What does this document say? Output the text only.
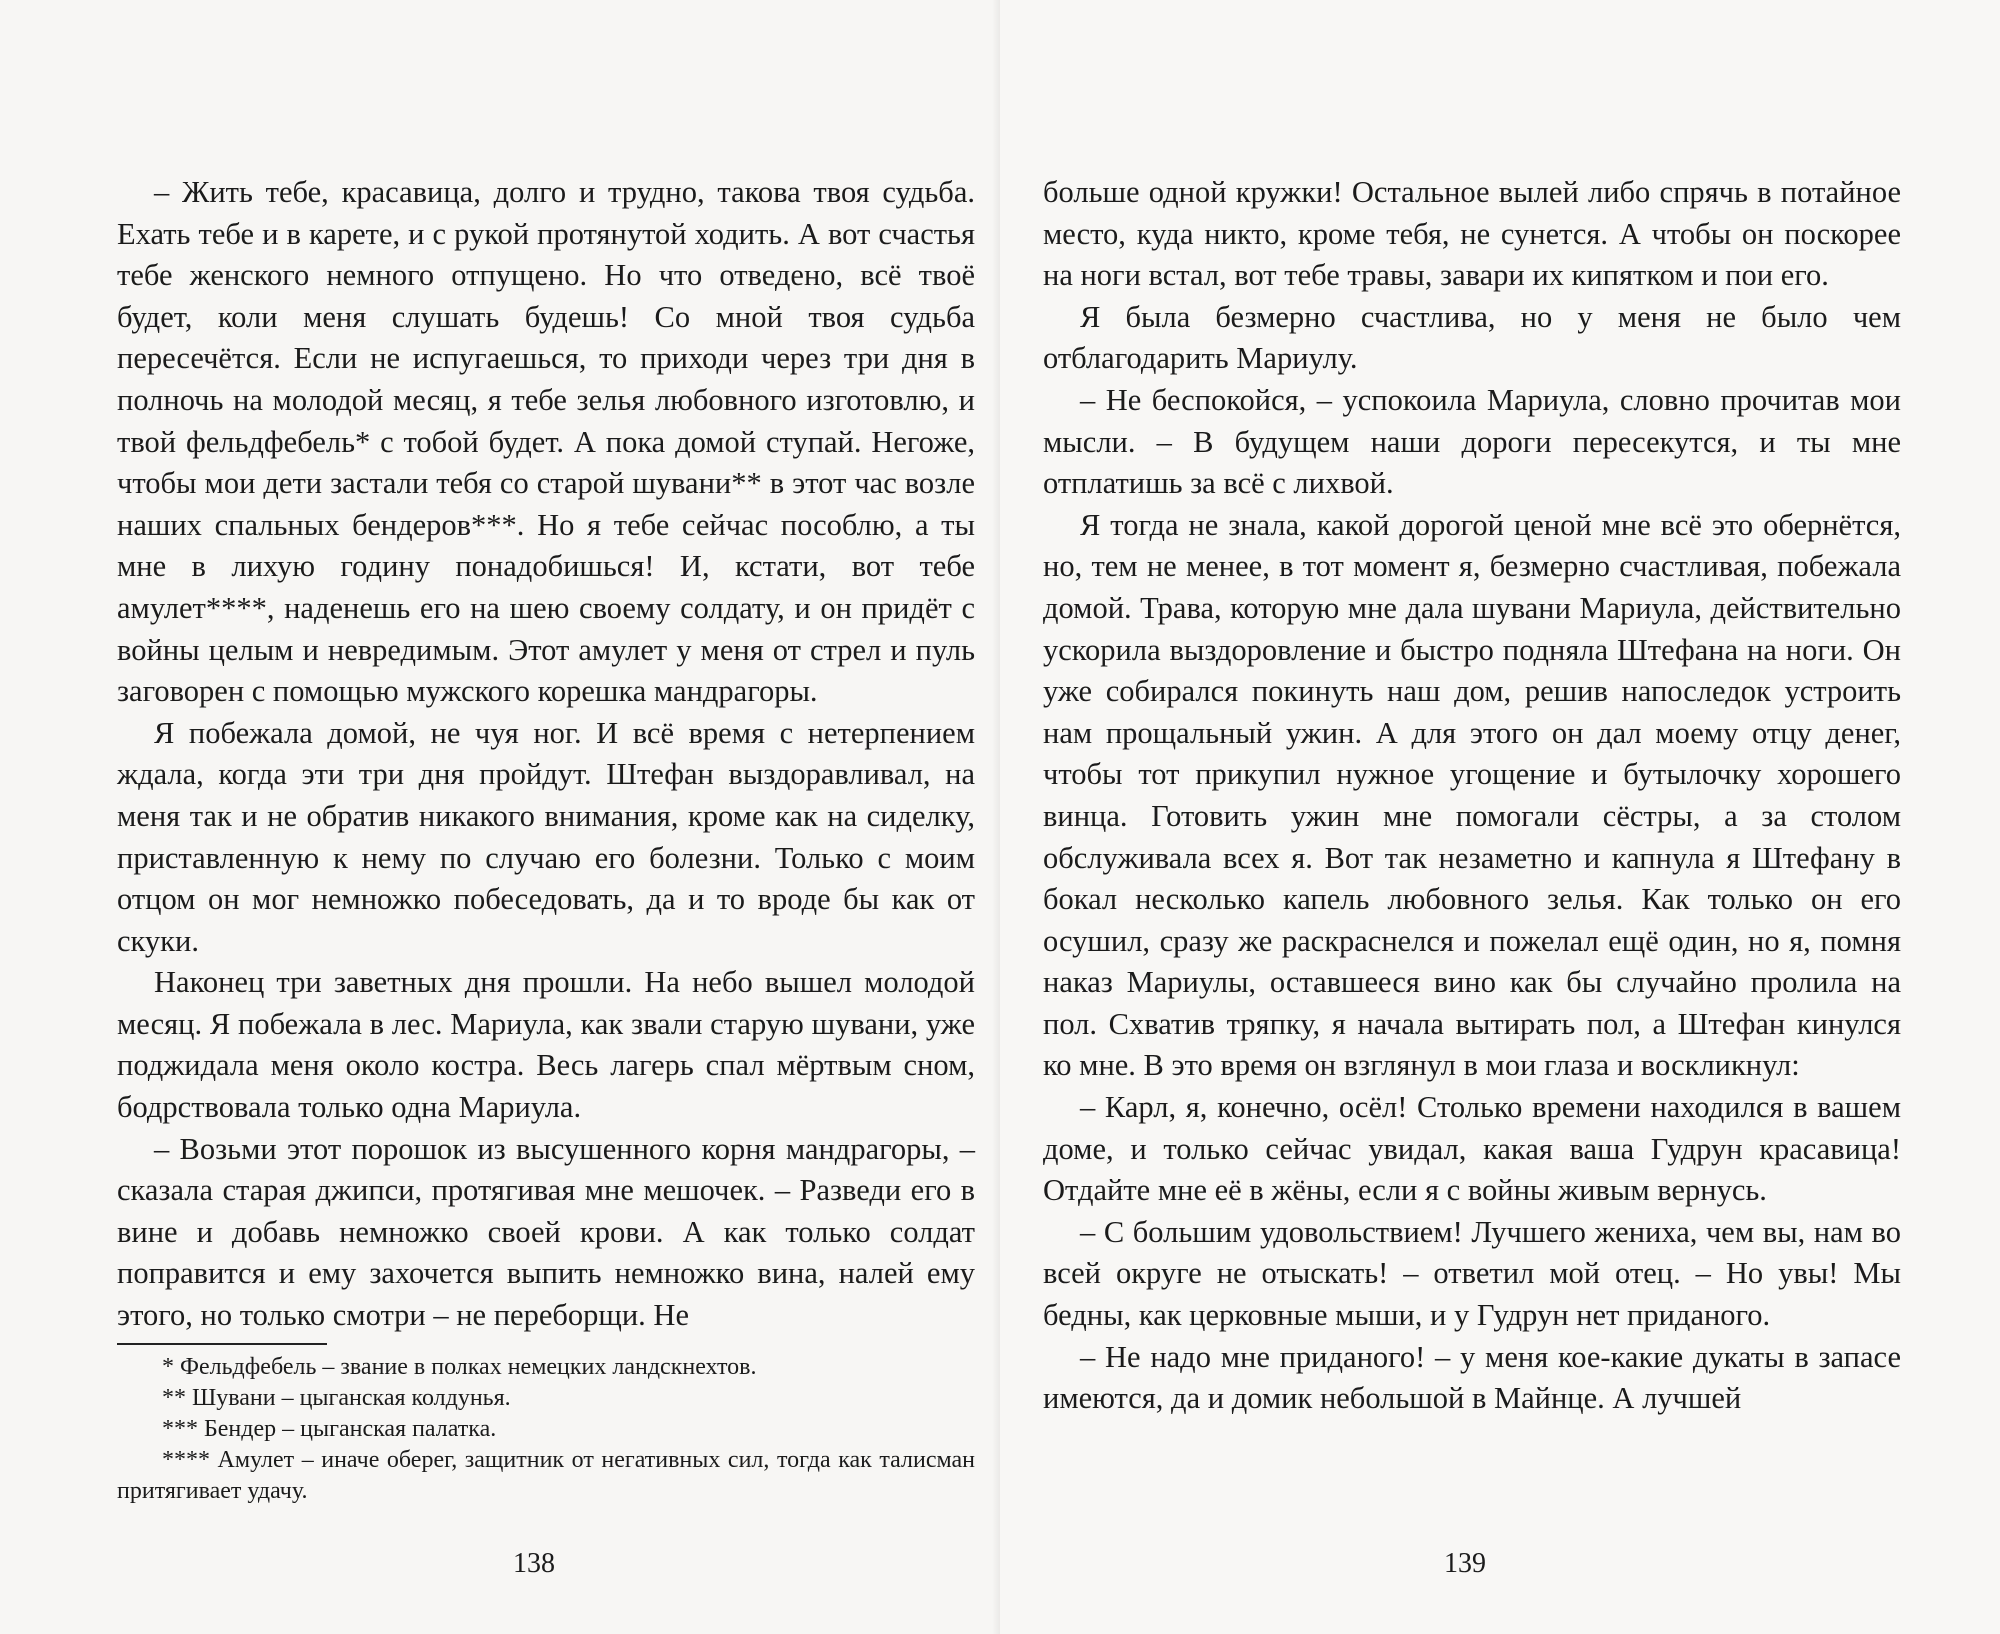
– Жить тебе, красавица, долго и трудно, такова твоя судьба. Ехать тебе и в карете, и с рукой протянутой ходить. А вот счастья тебе женского немного отпущено. Но что отведено, всё твоё будет, коли меня слушать будешь! Со мной твоя судьба пересечётся. Если не испугаешься, то приходи через три дня в полночь на молодой месяц, я тебе зелья любовного изготовлю, и твой фельдфебель* с тобой будет. А пока домой ступай. Негоже, чтобы мои дети застали тебя со старой шувани** в этот час возле наших спальных бендеров***. Но я тебе сейчас пособлю, а ты мне в лихую годину понадобишься! И, кстати, вот тебе амулет****, наденешь его на шею своему солдату, и он придёт с войны целым и невредимым. Этот амулет у меня от стрел и пуль заговорен с помощью мужского корешка мандрагоры.

Я побежала домой, не чуя ног. И всё время с нетерпением ждала, когда эти три дня пройдут. Штефан выздоравливал, на меня так и не обратив никакого внимания, кроме как на сиделку, приставленную к нему по случаю его болезни. Только с моим отцом он мог немножко побеседовать, да и то вроде бы как от скуки.

Наконец три заветных дня прошли. На небо вышел молодой месяц. Я побежала в лес. Мариула, как звали старую шувани, уже поджидала меня около костра. Весь лагерь спал мёртвым сном, бодрствовала только одна Мариула.

– Возьми этот порошок из высушенного корня мандрагоры, – сказала старая джипси, протягивая мне мешочек. – Разведи его в вине и добавь немножко своей крови. А как только солдат поправится и ему захочется выпить немножко вина, налей ему этого, но только смотри – не переборщи. Не

* Фельдфебель – звание в полках немецких ландскнехтов.

** Шувани – цыганская колдунья.

*** Бендер – цыганская палатка.

**** Амулет – иначе оберег, защитник от негативных сил, тогда как талисман притягивает удачу.

138

больше одной кружки! Остальное вылей либо спрячь в потайное место, куда никто, кроме тебя, не сунется. А чтобы он поскорее на ноги встал, вот тебе травы, завари их кипятком и пои его.

Я была безмерно счастлива, но у меня не было чем отблагодарить Мариулу.

– Не беспокойся, – успокоила Мариула, словно прочитав мои мысли. – В будущем наши дороги пересекутся, и ты мне отплатишь за всё с лихвой.

Я тогда не знала, какой дорогой ценой мне всё это обернётся, но, тем не менее, в тот момент я, безмерно счастливая, побежала домой. Трава, которую мне дала шувани Мариула, действительно ускорила выздоровление и быстро подняла Штефана на ноги. Он уже собирался покинуть наш дом, решив напоследок устроить нам прощальный ужин. А для этого он дал моему отцу денег, чтобы тот прикупил нужное угощение и бутылочку хорошего винца. Готовить ужин мне помогали сёстры, а за столом обслуживала всех я. Вот так незаметно и капнула я Штефану в бокал несколько капель любовного зелья. Как только он его осушил, сразу же раскраснелся и пожелал ещё один, но я, помня наказ Мариулы, оставшееся вино как бы случайно пролила на пол. Схватив тряпку, я начала вытирать пол, а Штефан кинулся ко мне. В это время он взглянул в мои глаза и воскликнул:

– Карл, я, конечно, осёл! Столько времени находился в вашем доме, и только сейчас увидал, какая ваша Гудрун красавица! Отдайте мне её в жёны, если я с войны живым вернусь.

– С большим удовольствием! Лучшего жениха, чем вы, нам во всей округе не отыскать! – ответил мой отец. – Но увы! Мы бедны, как церковные мыши, и у Гудрун нет приданого.

– Не надо мне приданого! – у меня кое-какие дукаты в запасе имеются, да и домик небольшой в Майнце. А лучшей

139
